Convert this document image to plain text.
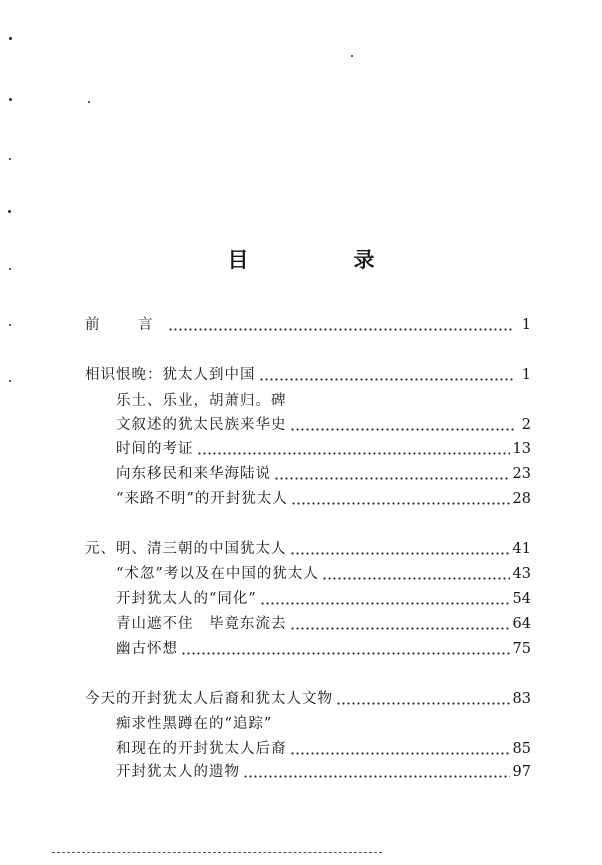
目　录
前　言	1
相识恨晚：犹太人到中国	1
乐土、乐业，胡萧归。碑
文叙述的犹太民族来华史	2
时间的考证	13
向东移民和来华海陆说	23
“来路不明”的开封犹太人	28
元、明、清三朝的中国犹太人	41
“术忽”考以及在中国的犹太人	43
开封犹太人的“同化”	54
青山遮不住　毕竟东流去	64
幽古怀想	75
今天的开封犹太人后裔和犹太人文物	83
痴求性黑蹲在的“追踪”
和现在的开封犹太人后裔	85
开封犹太人的遗物	97
